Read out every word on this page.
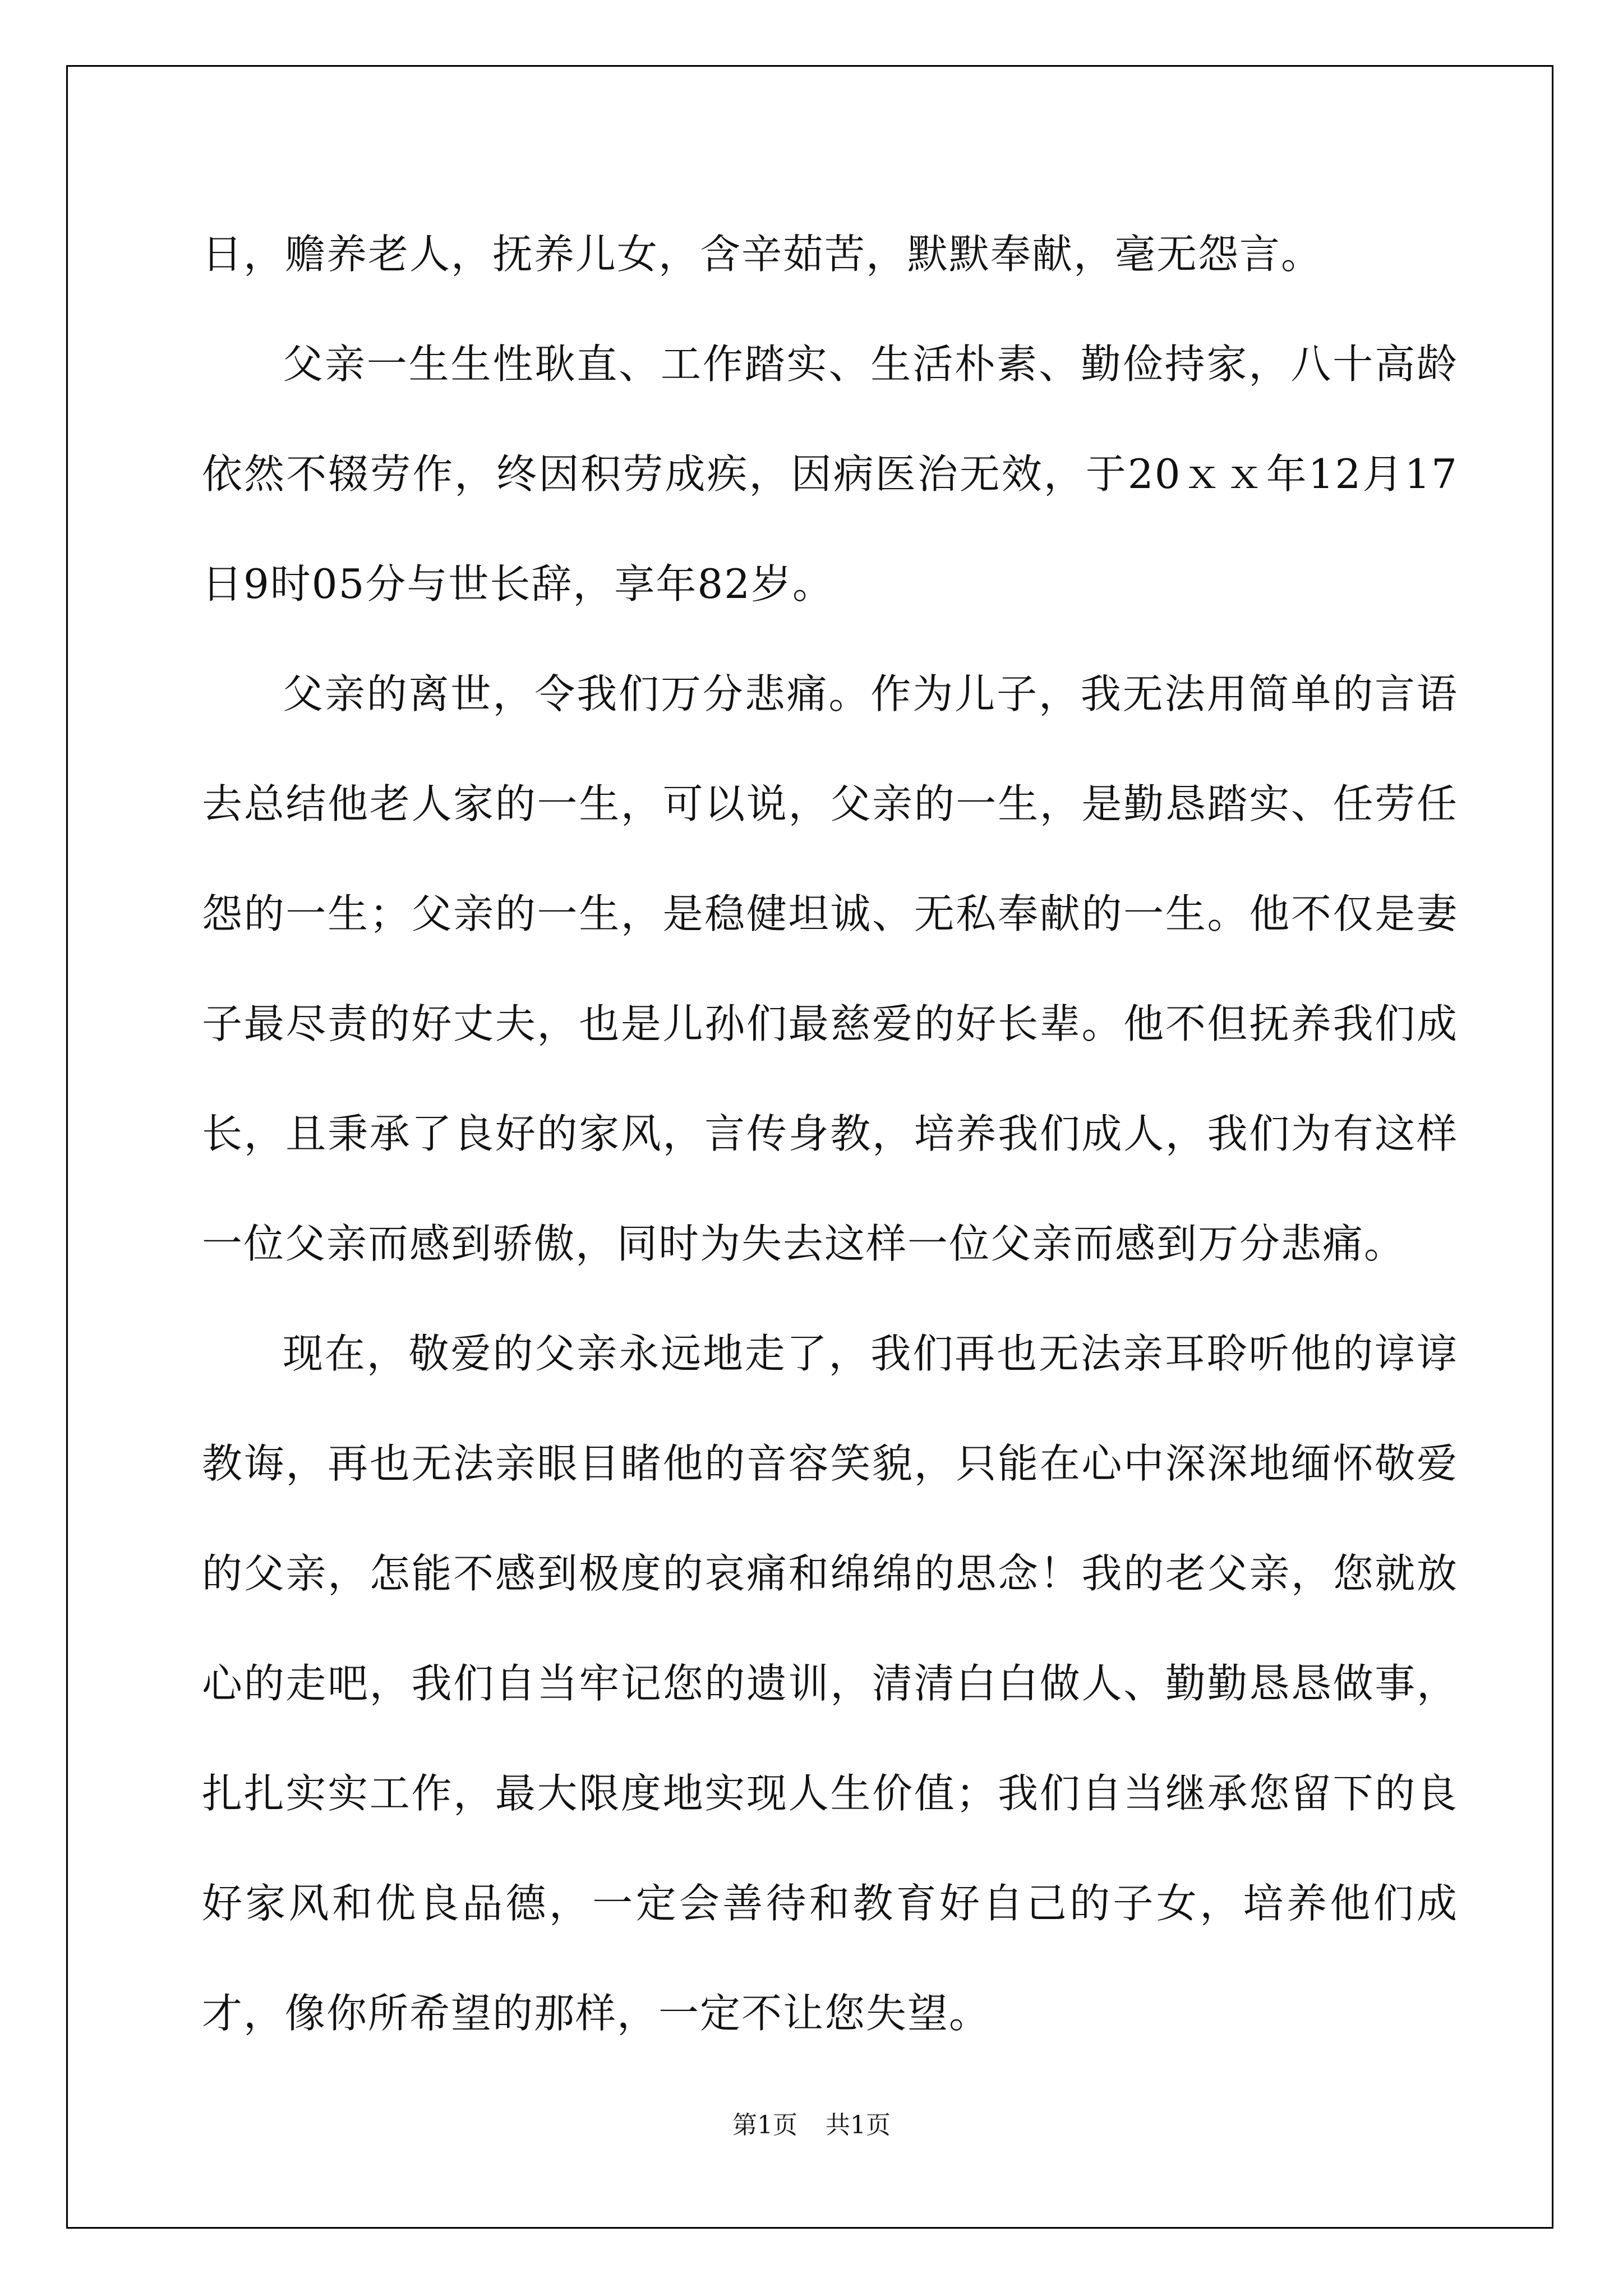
日，赡养老人，抚养儿女，含辛茹苦，默默奉献，毫无怨言。

父亲一生生性耿直、工作踏实、生活朴素、勤俭持家，八十高龄依然不辍劳作，终因积劳成疾，因病医治无效，于20ｘｘ年12月17日9时05分与世长辞，享年82岁。

父亲的离世，令我们万分悲痛。作为儿子，我无法用简单的言语去总结他老人家的一生，可以说，父亲的一生，是勤恳踏实、任劳任怨的一生；父亲的一生，是稳健坦诚、无私奉献的一生。他不仅是妻子最尽责的好丈夫，也是儿孙们最慈爱的好长辈。他不但抚养我们成长，且秉承了良好的家风，言传身教，培养我们成人，我们为有这样一位父亲而感到骄傲，同时为失去这样一位父亲而感到万分悲痛。

现在，敬爱的父亲永远地走了，我们再也无法亲耳聆听他的谆谆教诲，再也无法亲眼目睹他的音容笑貌，只能在心中深深地缅怀敬爱的父亲，怎能不感到极度的哀痛和绵绵的思念！我的老父亲，您就放心的走吧，我们自当牢记您的遗训，清清白白做人、勤勤恳恳做事，扎扎实实工作，最大限度地实现人生价值；我们自当继承您留下的良好家风和优良品德，一定会善待和教育好自己的子女，培养他们成才，像你所希望的那样，一定不让您失望。

第1页 共1页
